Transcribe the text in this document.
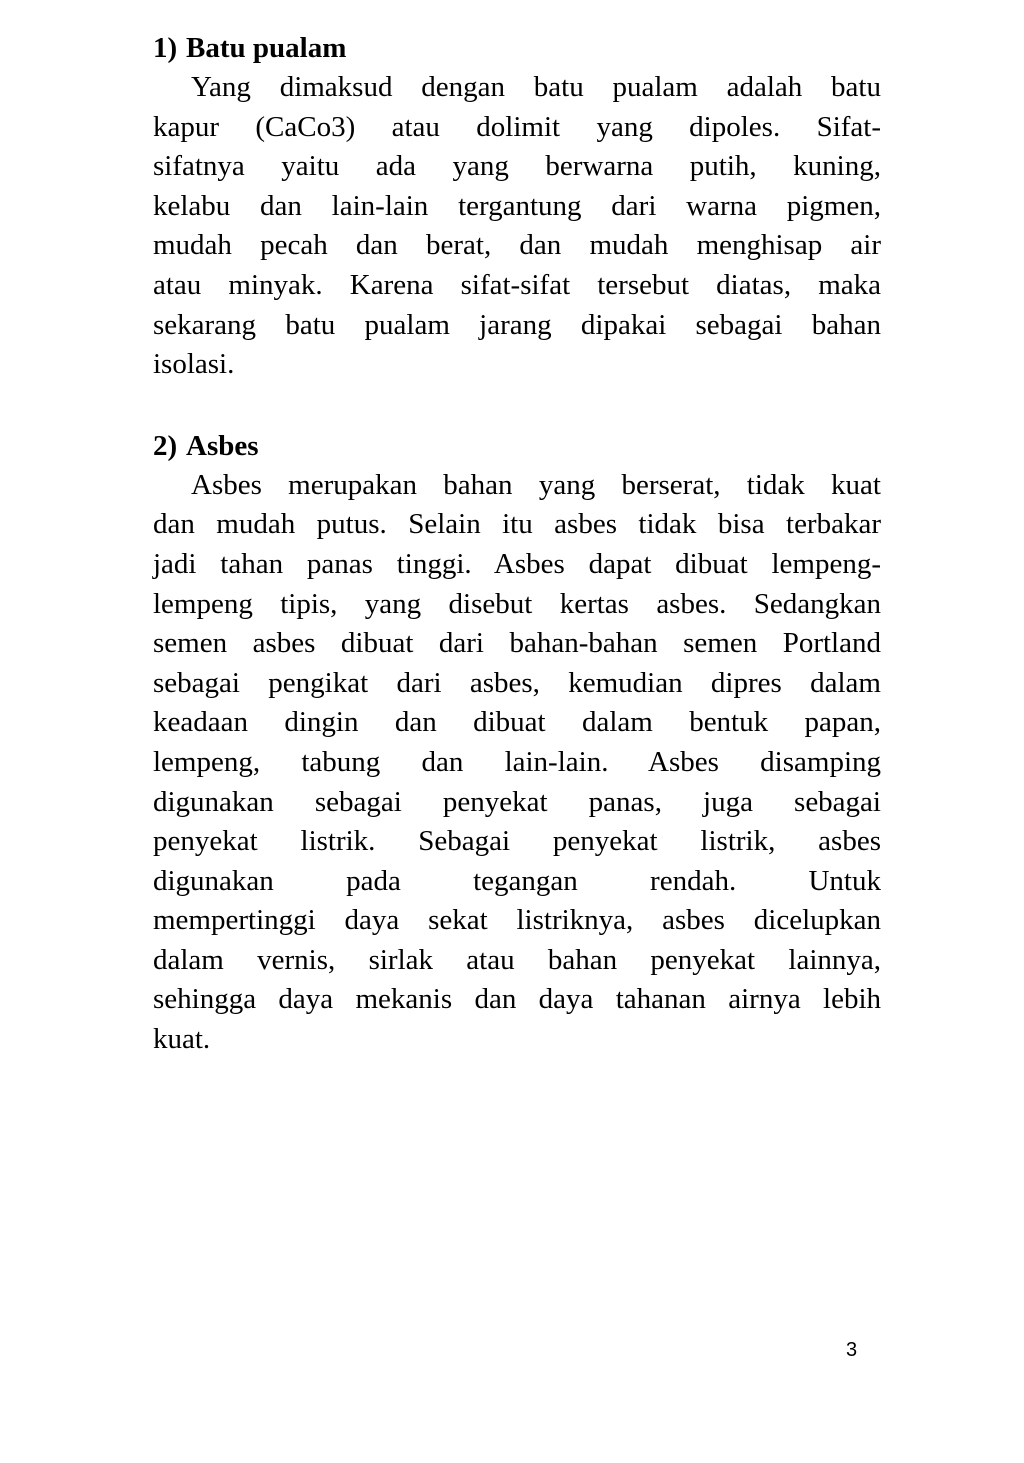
1) Batu pualam
Yang dimaksud dengan batu pualam adalah batu
kapur (CaCo3) atau dolimit yang dipoles. Sifat-
sifatnya yaitu ada yang berwarna putih, kuning,
kelabu dan lain-lain tergantung dari warna pigmen,
mudah pecah dan berat, dan mudah menghisap air
atau minyak. Karena sifat-sifat tersebut diatas, maka
sekarang batu pualam jarang dipakai sebagai bahan
isolasi.
2) Asbes
Asbes merupakan bahan yang berserat, tidak kuat
dan mudah putus. Selain itu asbes tidak bisa terbakar
jadi tahan panas tinggi. Asbes dapat dibuat lempeng-
lempeng tipis, yang disebut kertas asbes. Sedangkan
semen asbes dibuat dari bahan-bahan semen Portland
sebagai pengikat dari asbes, kemudian dipres dalam
keadaan dingin dan dibuat dalam bentuk papan,
lempeng, tabung dan lain-lain. Asbes disamping
digunakan sebagai penyekat panas, juga sebagai
penyekat listrik. Sebagai penyekat listrik, asbes
digunakan pada tegangan rendah. Untuk
mempertinggi daya sekat listriknya, asbes dicelupkan
dalam vernis, sirlak atau bahan penyekat lainnya,
sehingga daya mekanis dan daya tahanan airnya lebih
kuat.
3
